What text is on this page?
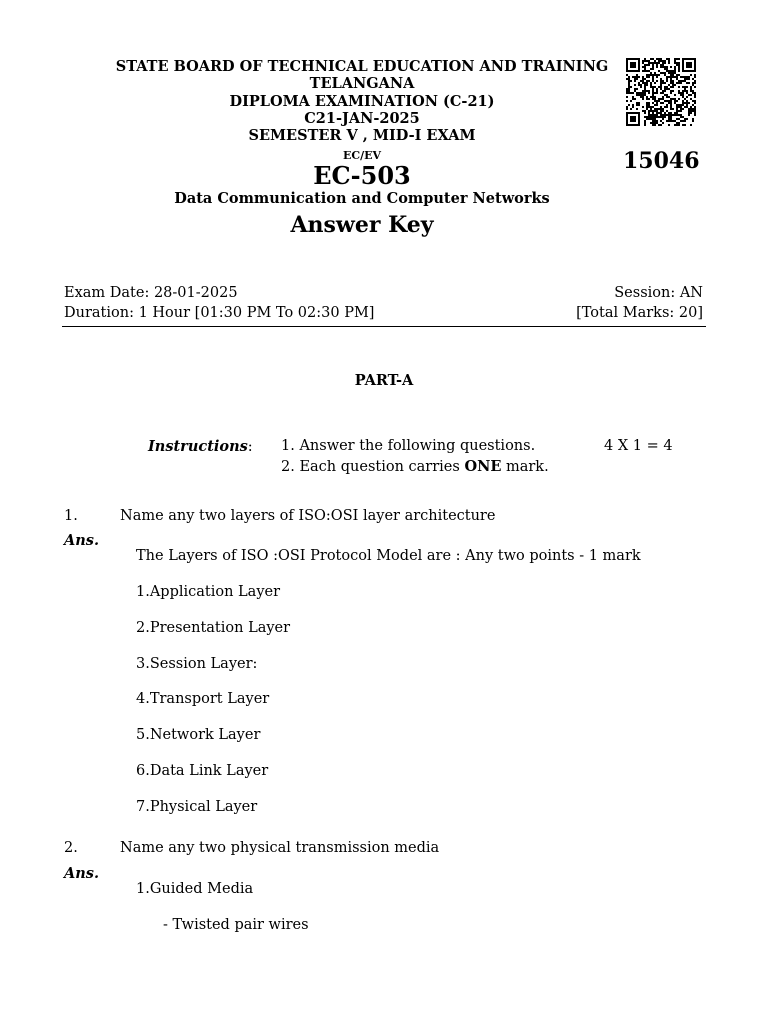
STATE BOARD OF TECHNICAL EDUCATION AND TRAINING
TELANGANA
DIPLOMA EXAMINATION (C-21)
C21-JAN-2025
SEMESTER V , MID-I EXAM
EC/EV
EC-503
Data Communication and Computer Networks
Answer Key
15046
Exam Date: 28-01-2025	Session: AN
Duration: 1 Hour [01:30 PM To 02:30 PM]	[Total Marks: 20]
PART-A
Instructions: 1. Answer the following questions.	4 X 1 = 4
2. Each question carries ONE mark.
1.	Name any two layers of ISO:OSI layer architecture
Ans.
The Layers of ISO :OSI Protocol Model are : Any two points - 1 mark
1.Application Layer
2.Presentation Layer
3.Session Layer:
4.Transport Layer
5.Network Layer
6.Data Link Layer
7.Physical Layer
2.	Name any two physical transmission media
Ans.
1.Guided Media
- Twisted pair wires
